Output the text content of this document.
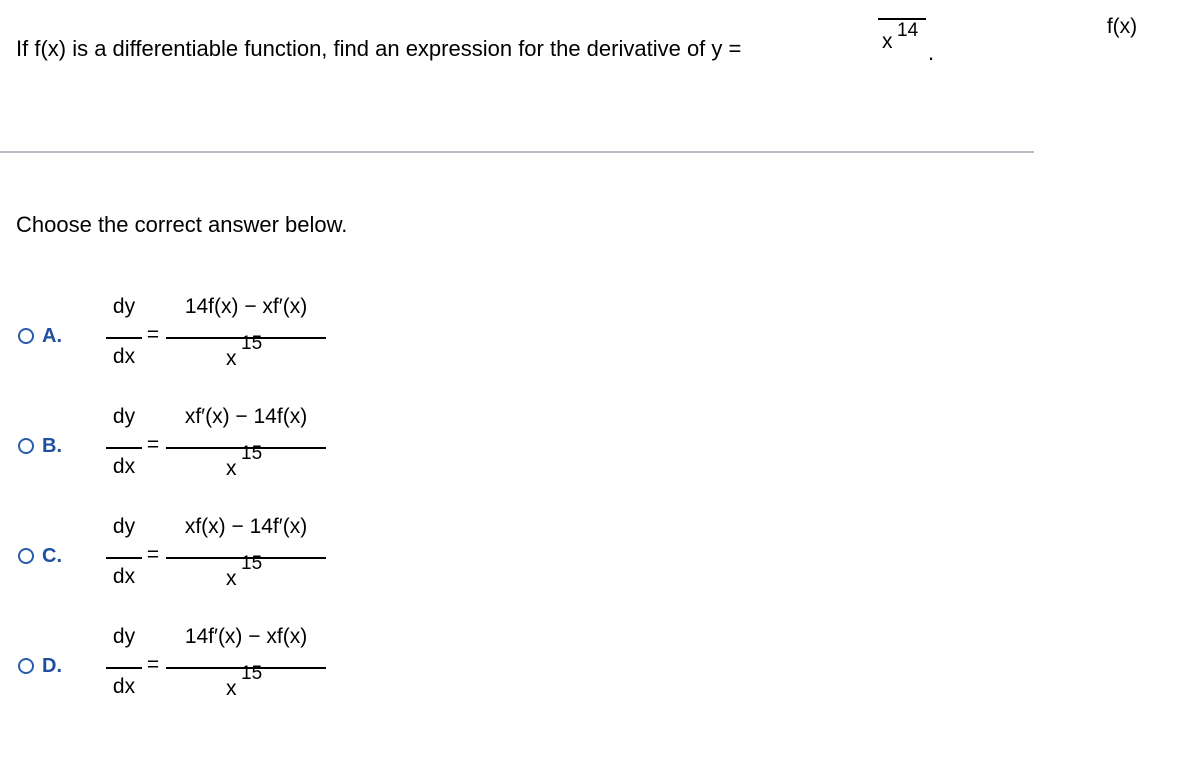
If f(x) is a differentiable function, find an expression for the derivative of y =
f(x)
x 14
.
Choose the correct answer below.
A.
dy
dx
=
14f(x) − xf′(x)
x
15
B.
dy
dx
=
xf′(x) − 14f(x)
x
15
C.
dy
dx
=
xf(x) − 14f′(x)
x
15
D.
dy
dx
=
14f′(x) − xf(x)
x
15
